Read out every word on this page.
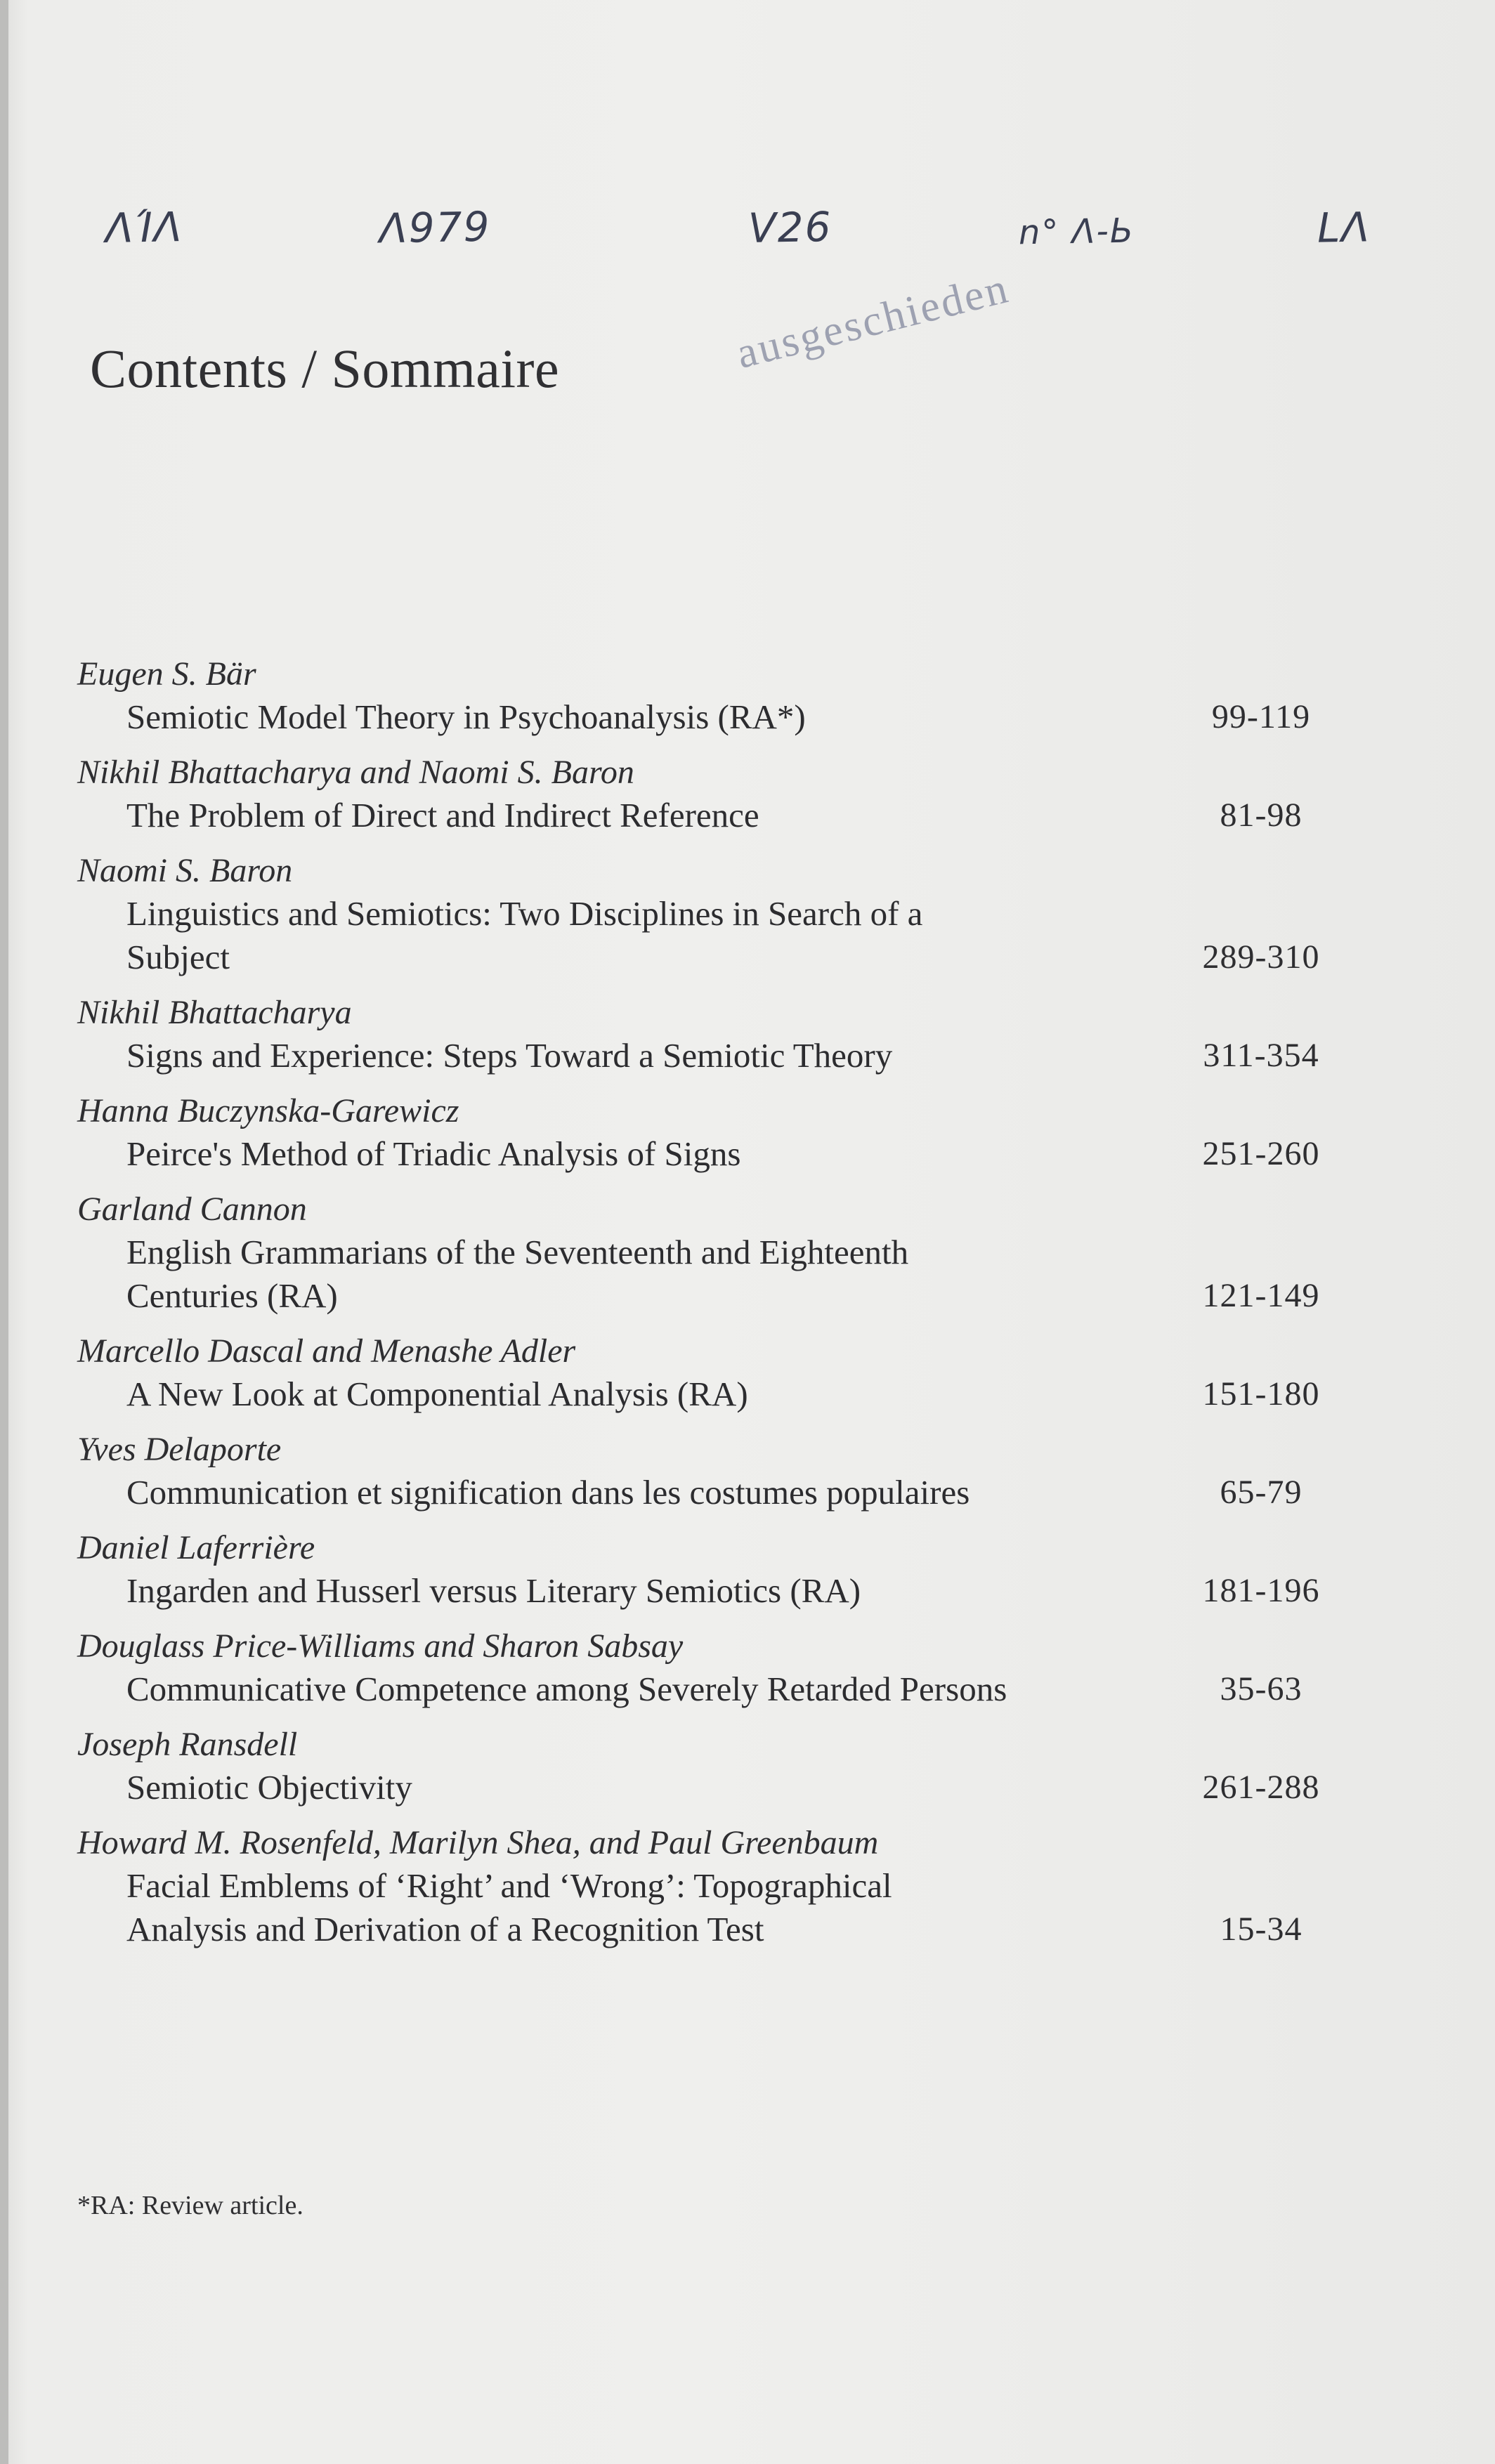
ΛΊΛ	Λ979	V26	n° Λ-Ь	LΛ
Contents / Sommaire	ausgeschieden
Eugen S. Bär
Semiotic Model Theory in Psychoanalysis (RA*)	99-119
Nikhil Bhattacharya and Naomi S. Baron
The Problem of Direct and Indirect Reference	81-98
Naomi S. Baron
Linguistics and Semiotics: Two Disciplines in Search of a
Subject	289-310
Nikhil Bhattacharya
Signs and Experience: Steps Toward a Semiotic Theory	311-354
Hanna Buczynska-Garewicz
Peirce's Method of Triadic Analysis of Signs	251-260
Garland Cannon
English Grammarians of the Seventeenth and Eighteenth
Centuries (RA)	121-149
Marcello Dascal and Menashe Adler
A New Look at Componential Analysis (RA)	151-180
Yves Delaporte
Communication et signification dans les costumes populaires	65-79
Daniel Laferrière
Ingarden and Husserl versus Literary Semiotics (RA)	181-196
Douglass Price-Williams and Sharon Sabsay
Communicative Competence among Severely Retarded Persons	35-63
Joseph Ransdell
Semiotic Objectivity	261-288
Howard M. Rosenfeld, Marilyn Shea, and Paul Greenbaum
Facial Emblems of ‘Right’ and ‘Wrong’: Topographical
Analysis and Derivation of a Recognition Test	15-34
*RA: Review article.
